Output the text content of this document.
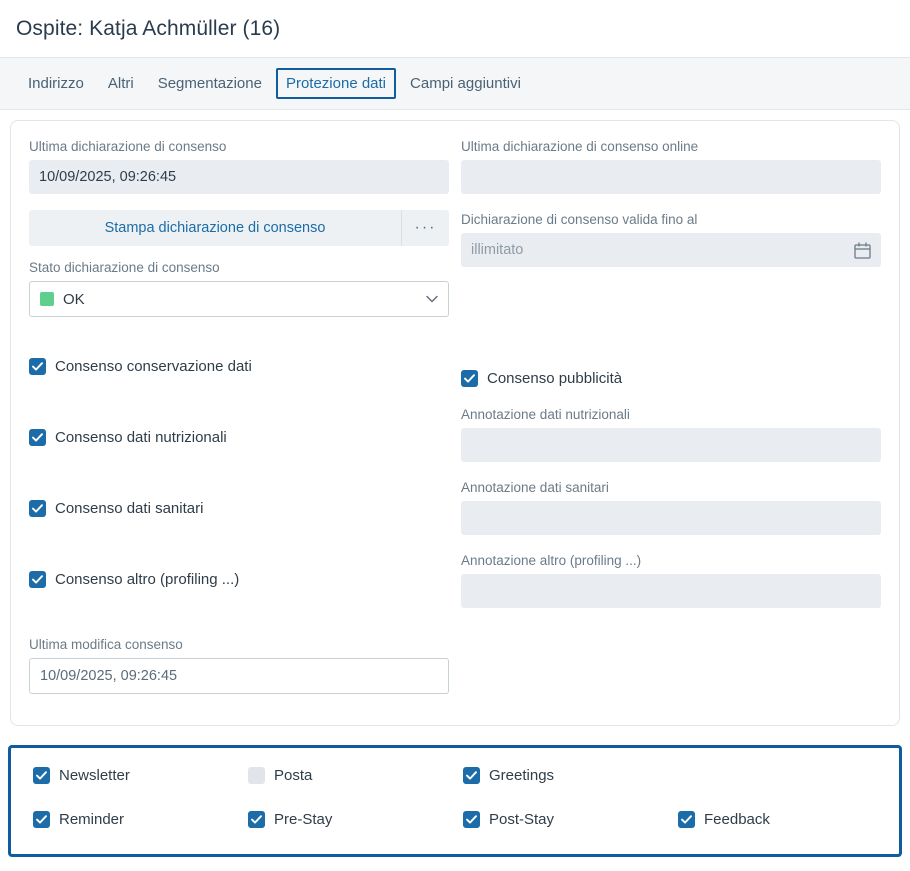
Ospite: Katja Achmüller (16)
Indirizzo	Altri	Segmentazione	Protezione dati	Campi aggiuntivi
Ultima dichiarazione di consenso
10/09/2025, 09:26:45
Stampa dichiarazione di consenso	···
Stato dichiarazione di consenso
OK
Consenso conservazione dati
Consenso dati nutrizionali
Consenso dati sanitari
Consenso altro (profiling ...)
Ultima modifica consenso
10/09/2025, 09:26:45
Ultima dichiarazione di consenso online
Dichiarazione di consenso valida fino al
illimitato
Consenso pubblicità
Annotazione dati nutrizionali
Annotazione dati sanitari
Annotazione altro (profiling ...)
Newsletter	Posta	Greetings
Reminder	Pre-Stay	Post-Stay	Feedback
